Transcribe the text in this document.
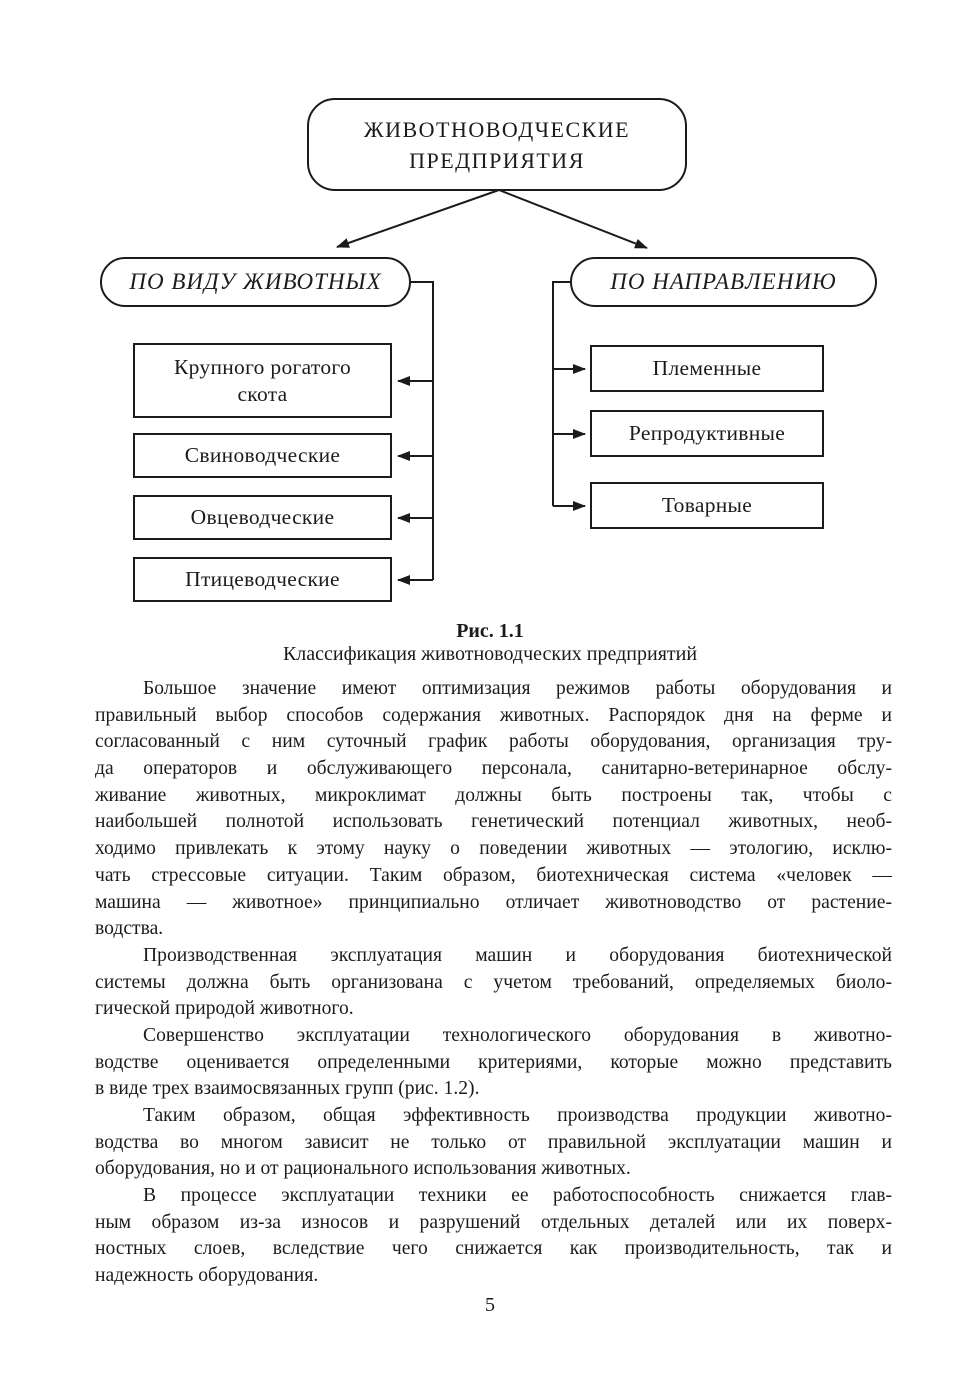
ЖИВОТНОВОДЧЕСКИЕ
ПРЕДПРИЯТИЯ
ПО ВИДУ ЖИВОТНЫХ	ПО НАПРАВЛЕНИЮ
Крупного рогатого скота
Свиноводческие
Овцеводческие
Птицеводческие
Племенные
Репродуктивные
Товарные
Рис. 1.1
Классификация животноводческих предприятий
Большое значение имеют оптимизация режимов работы оборудования и
правильный выбор способов содержания животных. Распорядок дня на ферме и
согласованный с ним суточный график работы оборудования, организация тру-
да операторов и обслуживающего персонала, санитарно-ветеринарное обслу-
живание животных, микроклимат должны быть построены так, чтобы с
наибольшей полнотой использовать генетический потенциал животных, необ-
ходимо привлекать к этому науку о поведении животных — этологию, исклю-
чать стрессовые ситуации. Таким образом, биотехническая система «человек —
машина — животное» принципиально отличает животноводство от растение-
водства.
Производственная эксплуатация машин и оборудования биотехнической
системы должна быть организована с учетом требований, определяемых биоло-
гической природой животного.
Совершенство эксплуатации технологического оборудования в животно-
водстве оценивается определенными критериями, которые можно представить
в виде трех взаимосвязанных групп (рис. 1.2).
Таким образом, общая эффективность производства продукции животно-
водства во многом зависит не только от правильной эксплуатации машин и
оборудования, но и от рационального использования животных.
В процессе эксплуатации техники ее работоспособность снижается глав-
ным образом из-за износов и разрушений отдельных деталей или их поверх-
ностных слоев, вследствие чего снижается как производительность, так и
надежность оборудования.
5
